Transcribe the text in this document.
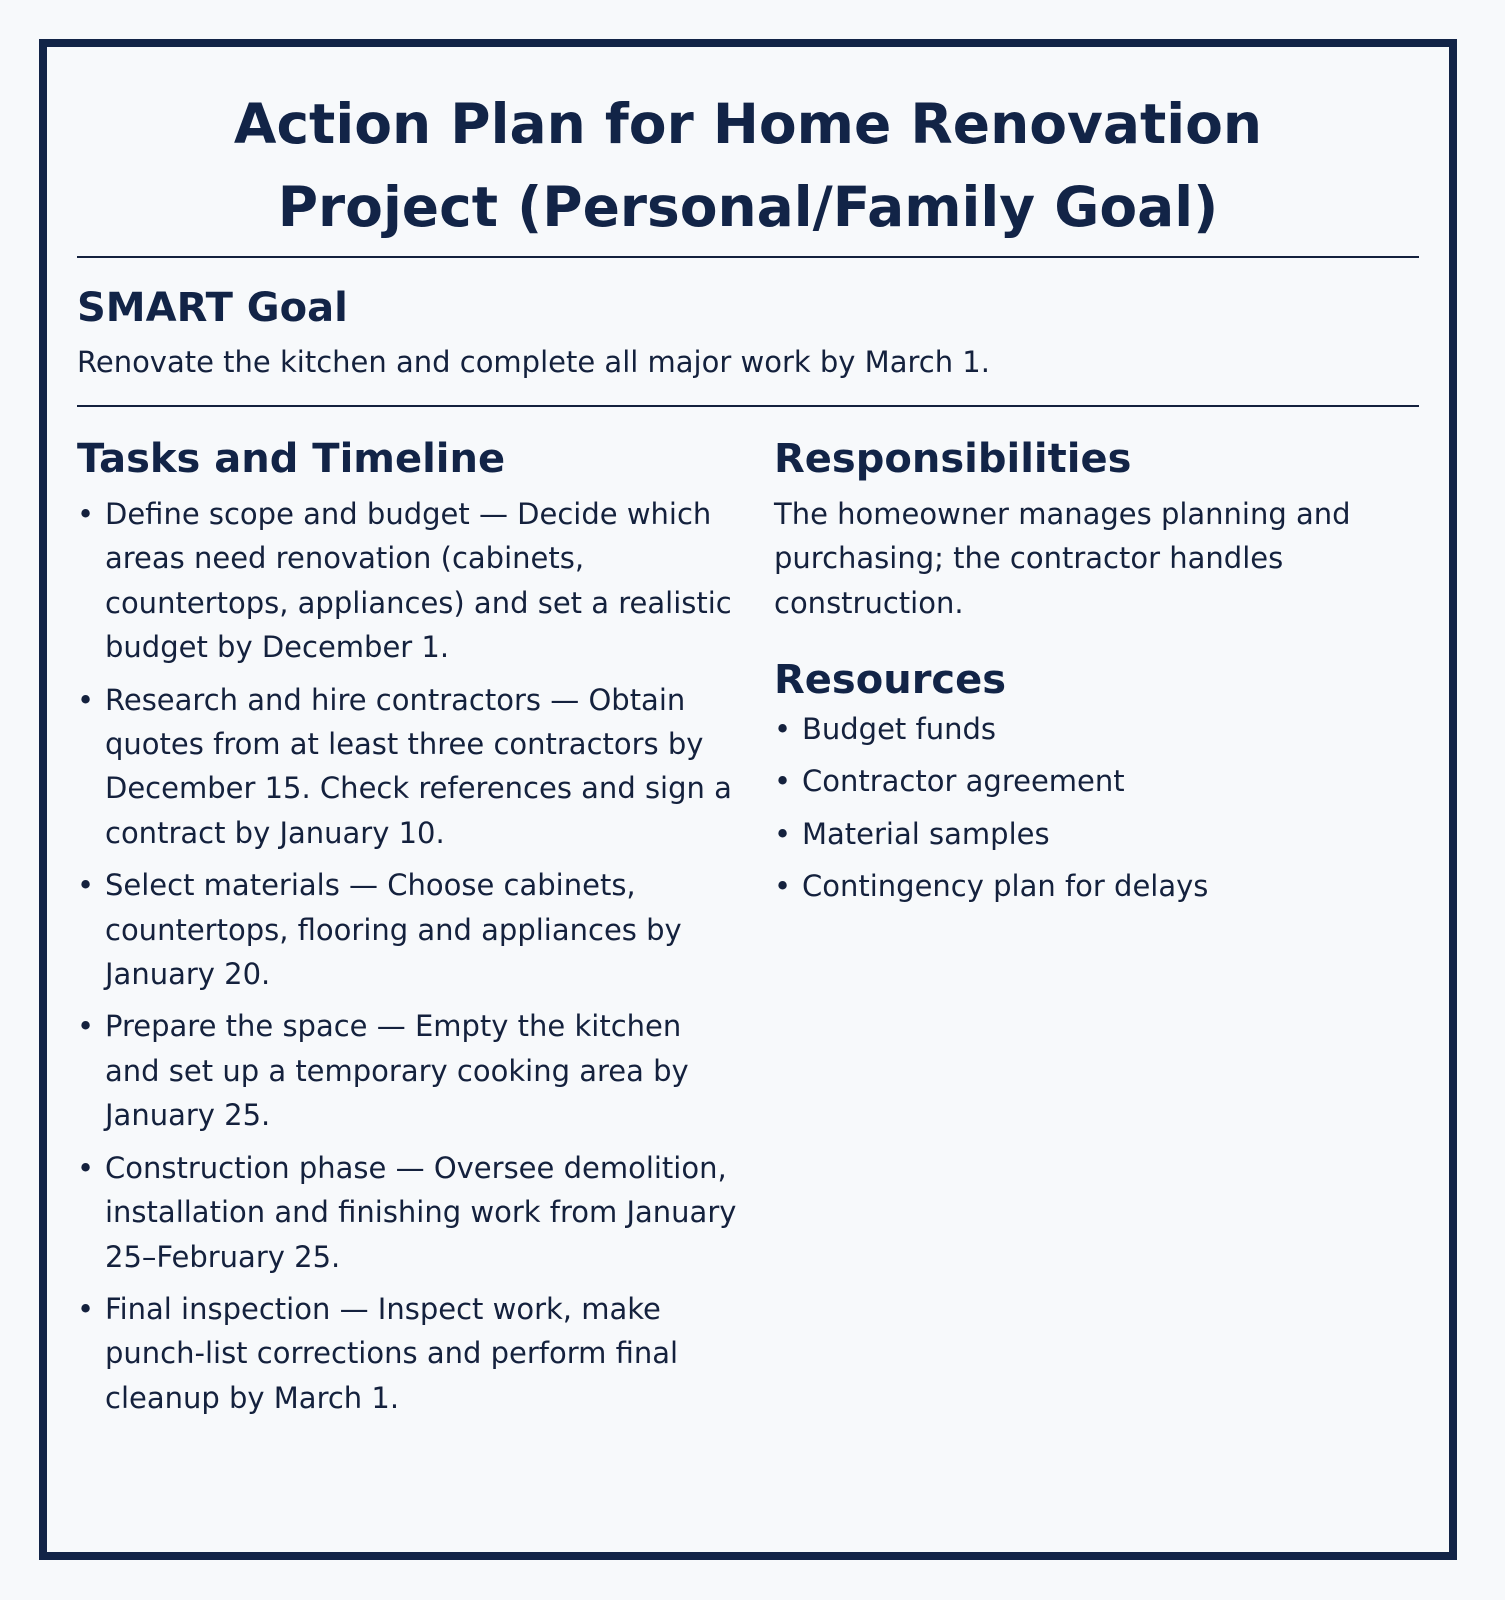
Action Plan for Home Renovation Project (Personal/Family Goal)
SMART Goal

Renovate the kitchen and complete all major work by March 1.

Tasks and Timeline
• Define scope and budget — Decide which areas need renovation (cabinets, countertops, appliances) and set a realistic budget by December 1.
• Research and hire contractors — Obtain quotes from at least three contractors by December 15. Check references and sign a contract by January 10.
• Select materials — Choose cabinets, countertops, flooring and appliances by January 20.
• Prepare the space — Empty the kitchen and set up a temporary cooking area by January 25.
• Construction phase — Oversee demolition, installation and finishing work from January 25–February 25.
• Final inspection — Inspect work, make punch-list corrections and perform final cleanup by March 1.
Responsibilities

The homeowner manages planning and purchasing; the contractor handles construction.

Resources
• Budget funds
• Contractor agreement
• Material samples
• Contingency plan for delays
